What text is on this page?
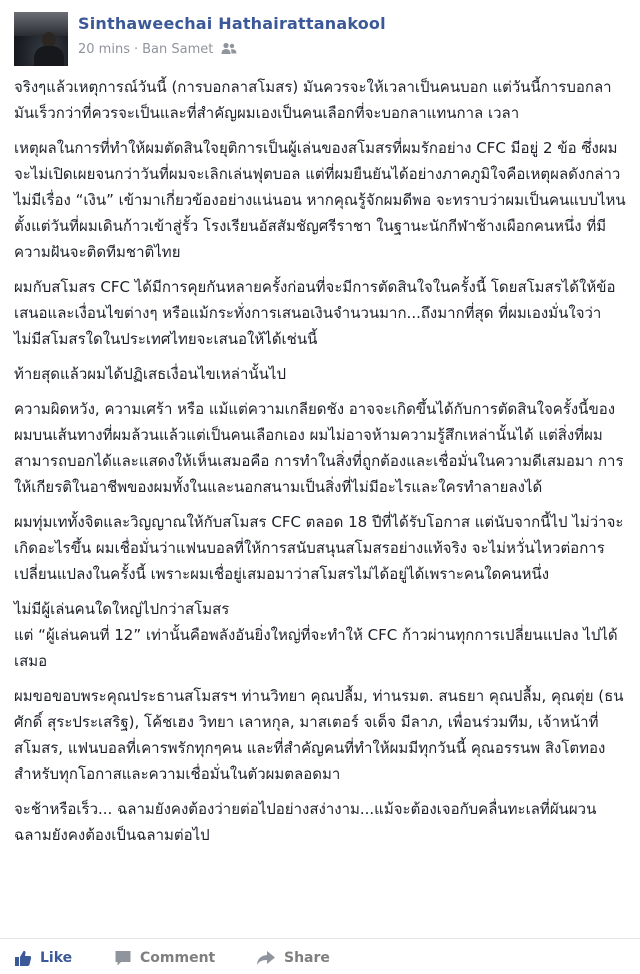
Sinthaweechai Hathairattanakool
20 mins · Ban Samet

จริงๆแล้วเหตุการณ์วันนี้ (การบอกลาสโมสร) มันควรจะให้เวลาเป็นคนบอก แต่วันนี้การบอกลามันเร็วกว่าที่ควรจะเป็นและที่สำคัญผมเองเป็นคนเลือกที่จะบอกลาแทนกาล เวลา

เหตุผลในการที่ทำให้ผมตัดสินใจยุติการเป็นผู้เล่นของสโมสรที่ผมรักอย่าง CFC มีอยู่ 2 ข้อ ซึ่งผมจะไม่เปิดเผยจนกว่าวันที่ผมจะเลิกเล่นฟุตบอล แต่ที่ผมยืนยันได้อย่างภาคภูมิใจคือเหตุผลดังกล่าวไม่มีเรื่อง “เงิน” เข้ามาเกี่ยวข้องอย่างแน่นอน หากคุณรู้จักผมดีพอ จะทราบว่าผมเป็นคนแบบไหน ตั้งแต่วันที่ผมเดินก้าวเข้าสู่รั้ว โรงเรียนอัสสัมชัญศรีราชา ในฐานะนักกีฬาช้างเผือกคนหนึ่ง ที่มีความฝันจะติดทีมชาติไทย

ผมกับสโมสร CFC ได้มีการคุยกันหลายครั้งก่อนที่จะมีการตัดสินใจในครั้งนี้ โดยสโมสรได้ให้ข้อเสนอและเงื่อนไขต่างๆ หรือแม้กระทั่งการเสนอเงินจำนวนมาก...ถึงมากที่สุด ที่ผมเองมั่นใจว่าไม่มีสโมสรใดในประเทศไทยจะเสนอให้ได้เช่นนี้

ท้ายสุดแล้วผมได้ปฏิเสธเงื่อนไขเหล่านั้นไป

ความผิดหวัง, ความเศร้า หรือ แม้แต่ความเกลียดชัง อาจจะเกิดขึ้นได้กับการตัดสินใจครั้งนี้ของผมบนเส้นทางที่ผมล้วนแล้วแต่เป็นคนเลือกเอง ผมไม่อาจห้ามความรู้สึกเหล่านั้นได้ แต่สิ่งที่ผมสามารถบอกได้และแสดงให้เห็นเสมอคือ การทำในสิ่งที่ถูกต้องและเชื่อมั่นในความดีเสมอมา การให้เกียรติในอาชีพของผมทั้งในและนอกสนามเป็นสิ่งที่ไม่มีอะไรและใครทำลายลงได้

ผมทุ่มเททั้งจิตและวิญญาณให้กับสโมสร CFC ตลอด 18 ปีที่ได้รับโอกาส แต่นับจากนี้ไป ไม่ว่าจะเกิดอะไรขึ้น ผมเชื่อมั่นว่าแฟนบอลที่ให้การสนับสนุนสโมสรอย่างแท้จริง จะไม่หวั่นไหวต่อการเปลี่ยนแปลงในครั้งนี้ เพราะผมเชื่อยู่เสมอมาว่าสโมสรไม่ได้อยู่ได้เพราะคนใดคนหนึ่ง

ไม่มีผู้เล่นคนใดใหญ่ไปกว่าสโมสร
แต่ “ผู้เล่นคนที่ 12” เท่านั้นคือพลังอันยิ่งใหญ่ที่จะทำให้ CFC ก้าวผ่านทุกการเปลี่ยนแปลง ไปได้เสมอ

ผมขอขอบพระคุณประธานสโมสรฯ ท่านวิทยา คุณปลื้ม, ท่านรมต. สนธยา คุณปลื้ม, คุณตุ่ย (ธนศักดิ์ สุระประเสริฐ), โค้ชเฮง วิทยา เลาหกุล, มาสเตอร์ จเด็จ มีลาภ, เพื่อนร่วมทีม, เจ้าหน้าที่สโมสร, แฟนบอลที่เคารพรักทุกๆคน และที่สำคัญคนที่ทำให้ผมมีทุกวันนี้ คุณอรรนพ สิงโตทอง สำหรับทุกโอกาสและความเชื่อมั่นในตัวผมตลอดมา

จะช้าหรือเร็ว... ฉลามยังคงต้องว่ายต่อไปอย่างสง่างาม...แม้จะต้องเจอกับคลื่นทะเลที่ผันผวน ฉลามยังคงต้องเป็นฉลามต่อไป

Like	Comment	Share
